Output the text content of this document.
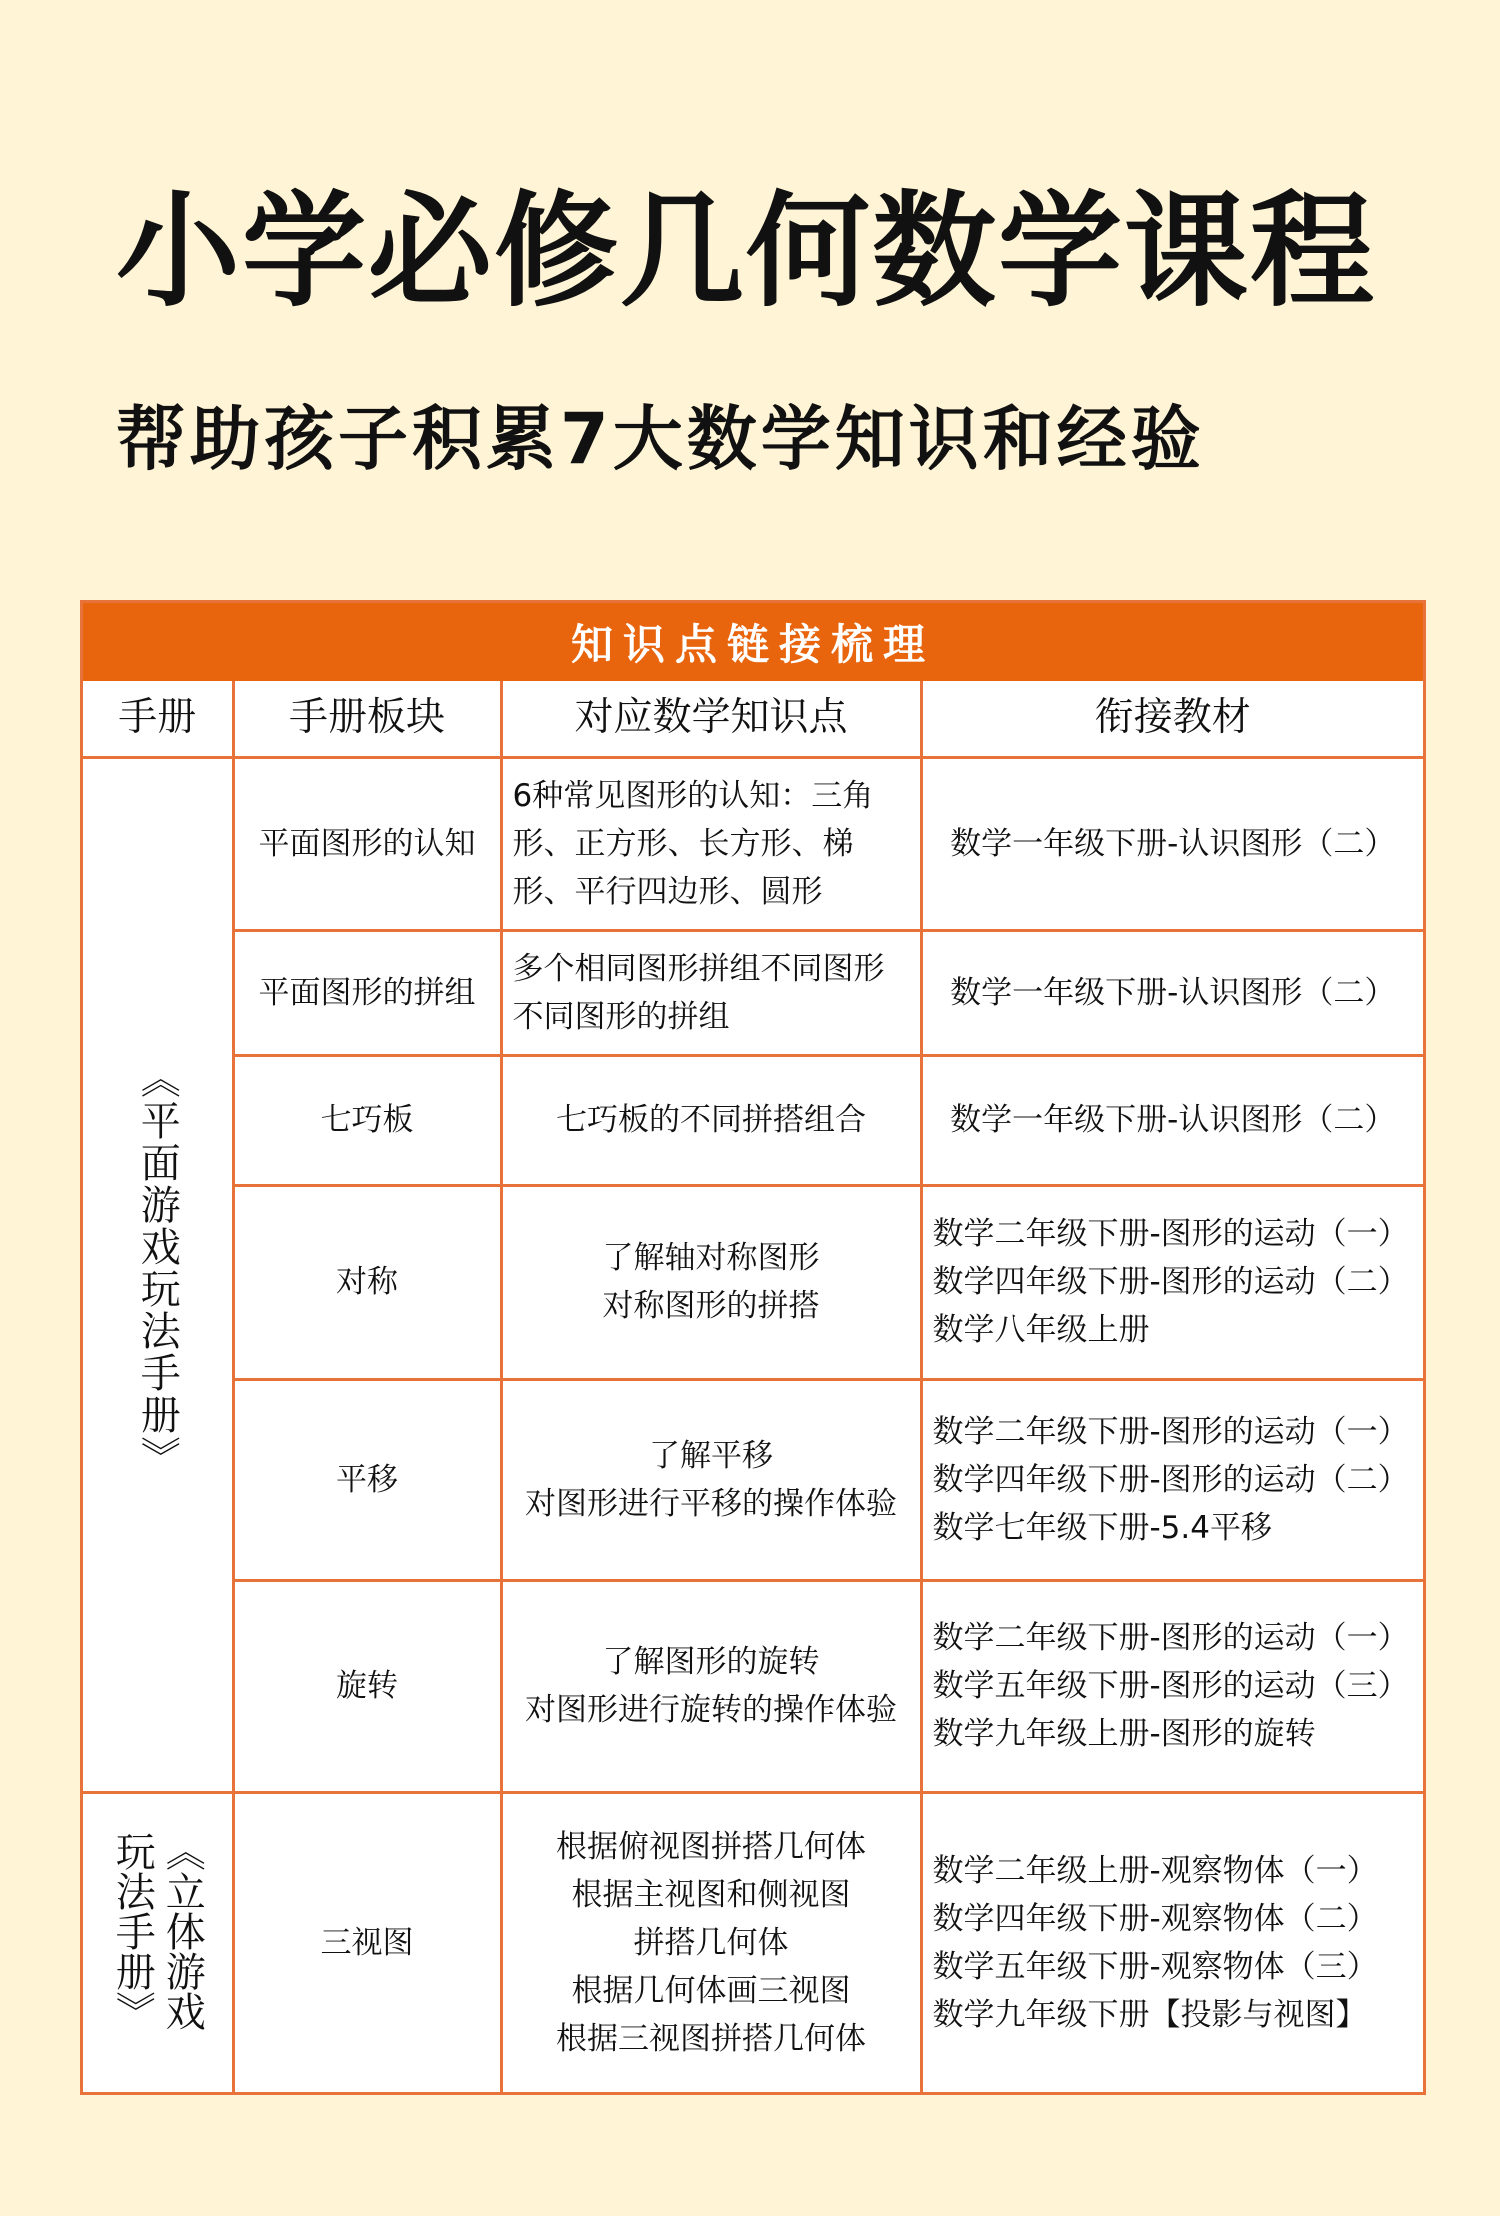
小学必修几何数学课程
帮助孩子积累7大数学知识和经验
知识点链接梳理
手册	手册板块	对应数学知识点	衔接教材
《平面游戏玩法手册》	平面图形的认知	6种常见图形的认知：三角
形、正方形、长方形、梯
形、平行四边形、圆形	数学一年级下册-认识图形（二）

	平面图形的拼组	多个相同图形拼组不同图形
不同图形的拼组	数学一年级下册-认识图形（二）

	七巧板	七巧板的不同拼搭组合	数学一年级下册-认识图形（二）

	对称	了解轴对称图形
对称图形的拼搭	数学二年级下册-图形的运动（一）
数学四年级下册-图形的运动（二）
数学八年级上册

	平移	了解平移
对图形进行平移的操作体验	数学二年级下册-图形的运动（一）
数学四年级下册-图形的运动（二）
数学七年级下册-5.4平移

	旋转	了解图形的旋转
对图形进行旋转的操作体验	数学二年级下册-图形的运动（一）
数学五年级下册-图形的运动（三）
数学九年级上册-图形的旋转

《立体游戏玩法手册》	三视图	根据俯视图拼搭几何体
根据主视图和侧视图
拼搭几何体
根据几何体画三视图
根据三视图拼搭几何体	数学二年级上册-观察物体（一）
数学四年级下册-观察物体（二）
数学五年级下册-观察物体（三）
数学九年级下册【投影与视图】
